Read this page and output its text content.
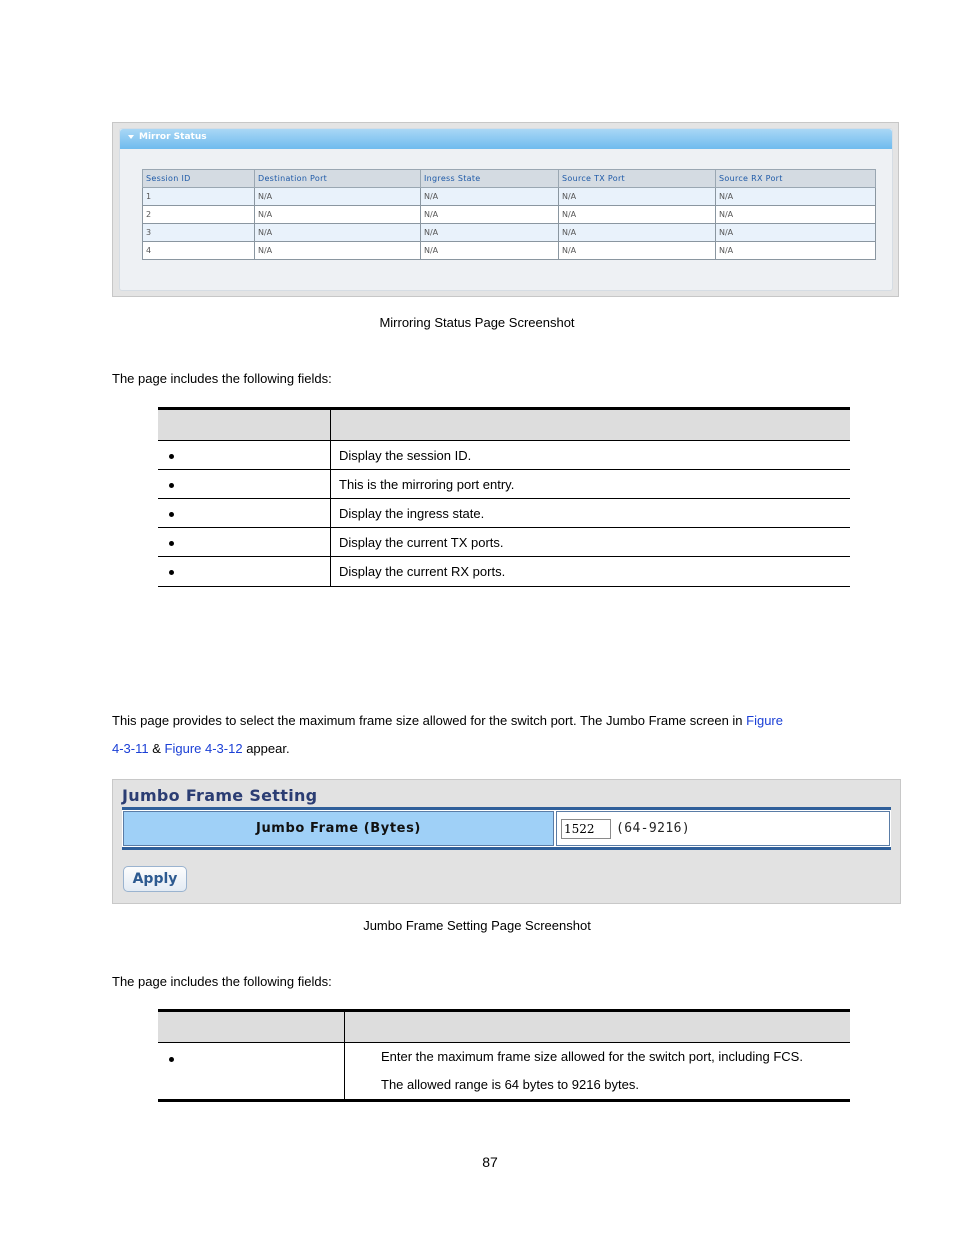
Mirror Status
Session ID	Destination Port	Ingress State	Source TX Port	Source RX Port
1	N/A	N/A	N/A	N/A
2	N/A	N/A	N/A	N/A
3	N/A	N/A	N/A	N/A
4	N/A	N/A	N/A	N/A
Mirroring Status Page Screenshot
The page includes the following fields:

	Display the session ID.
	This is the mirroring port entry.
	Display the ingress state.
	Display the current TX ports.
	Display the current RX ports.
This page provides to select the maximum frame size allowed for the switch port. The Jumbo Frame screen in Figure
4-3-11 & Figure 4-3-12 appear.
Jumbo Frame Setting
Jumbo Frame (Bytes)
1522	(64-9216)
Apply
Jumbo Frame Setting Page Screenshot
The page includes the following fields:

	Enter the maximum frame size allowed for the switch port, including FCS.
The allowed range is 64 bytes to 9216 bytes.
87
